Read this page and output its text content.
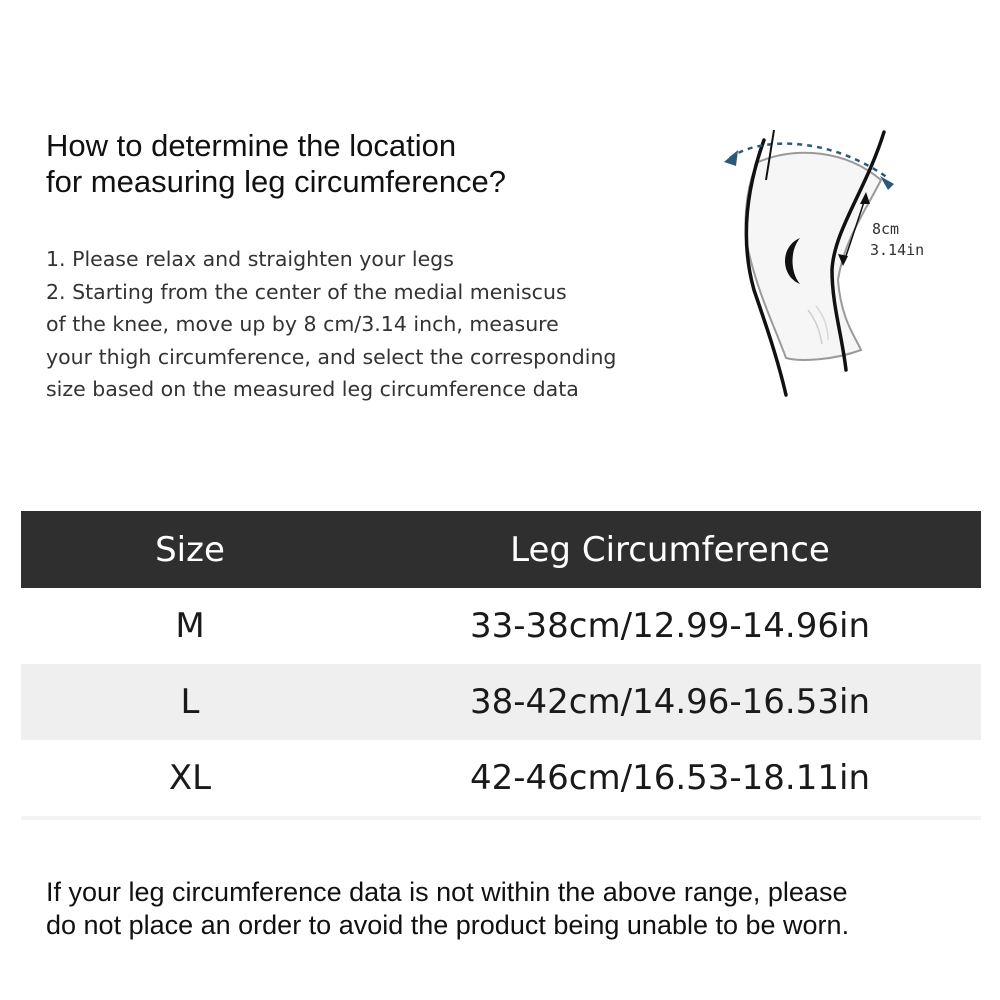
How to determine the location
for measuring leg circumference?
1. Please relax and straighten your legs
2. Starting from the center of the medial meniscus
of the knee, move up by 8 cm/3.14 inch, measure
your thigh circumference, and select the corresponding
size based on the measured leg circumference data
8cm
3.14in
Size	Leg Circumference
M	33-38cm/12.99-14.96in
L	38-42cm/14.96-16.53in
XL	42-46cm/16.53-18.11in
If your leg circumference data is not within the above range, please
do not place an order to avoid the product being unable to be worn.
